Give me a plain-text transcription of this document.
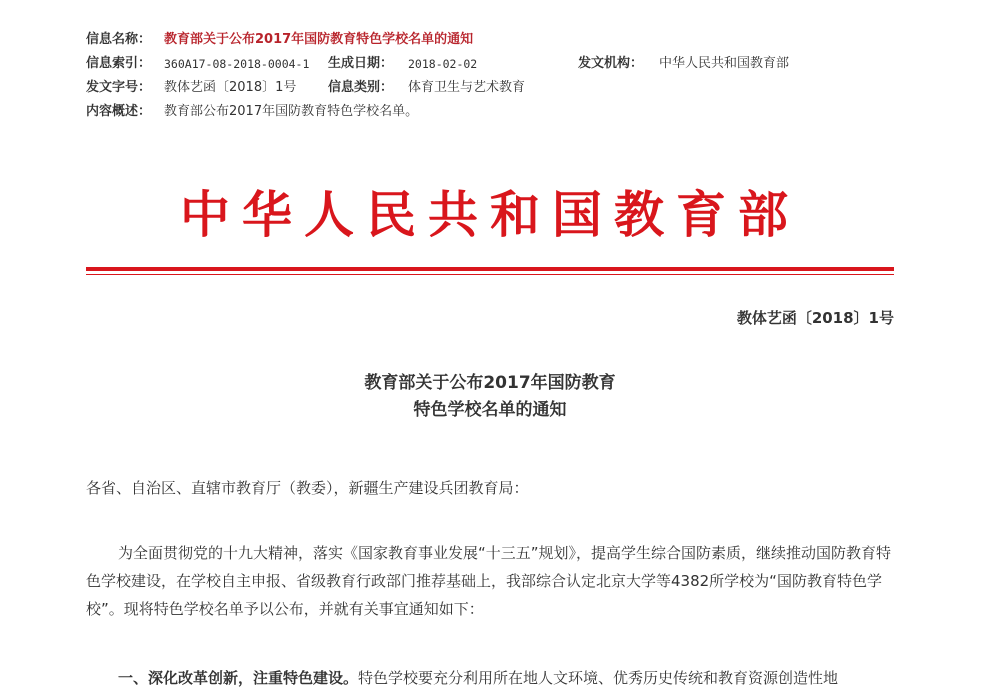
信息名称： 教育部关于公布2017年国防教育特色学校名单的通知
信息索引： 360A17-08-2018-0004-1 生成日期： 2018-02-02	发文机构： 中华人民共和国教育部
发文字号： 教体艺函〔2018〕1号 信息类别： 体育卫生与艺术教育
内容概述： 教育部公布2017年国防教育特色学校名单。
中华人民共和国教育部
教体艺函〔2018〕1号
教育部关于公布2017年国防教育
特色学校名单的通知
各省、自治区、直辖市教育厅（教委），新疆生产建设兵团教育局：
为全面贯彻党的十九大精神，落实《国家教育事业发展“十三五”规划》，提高学生综合国防素质，继续推动国防教育特色学校建设，在学校自主申报、省级教育行政部门推荐基础上，我部综合认定北京大学等4382所学校为“国防教育特色学校”。现将特色学校名单予以公布，并就有关事宜通知如下：
一、深化改革创新，注重特色建设。特色学校要充分利用所在地人文环境、优秀历史传统和教育资源创造性地
